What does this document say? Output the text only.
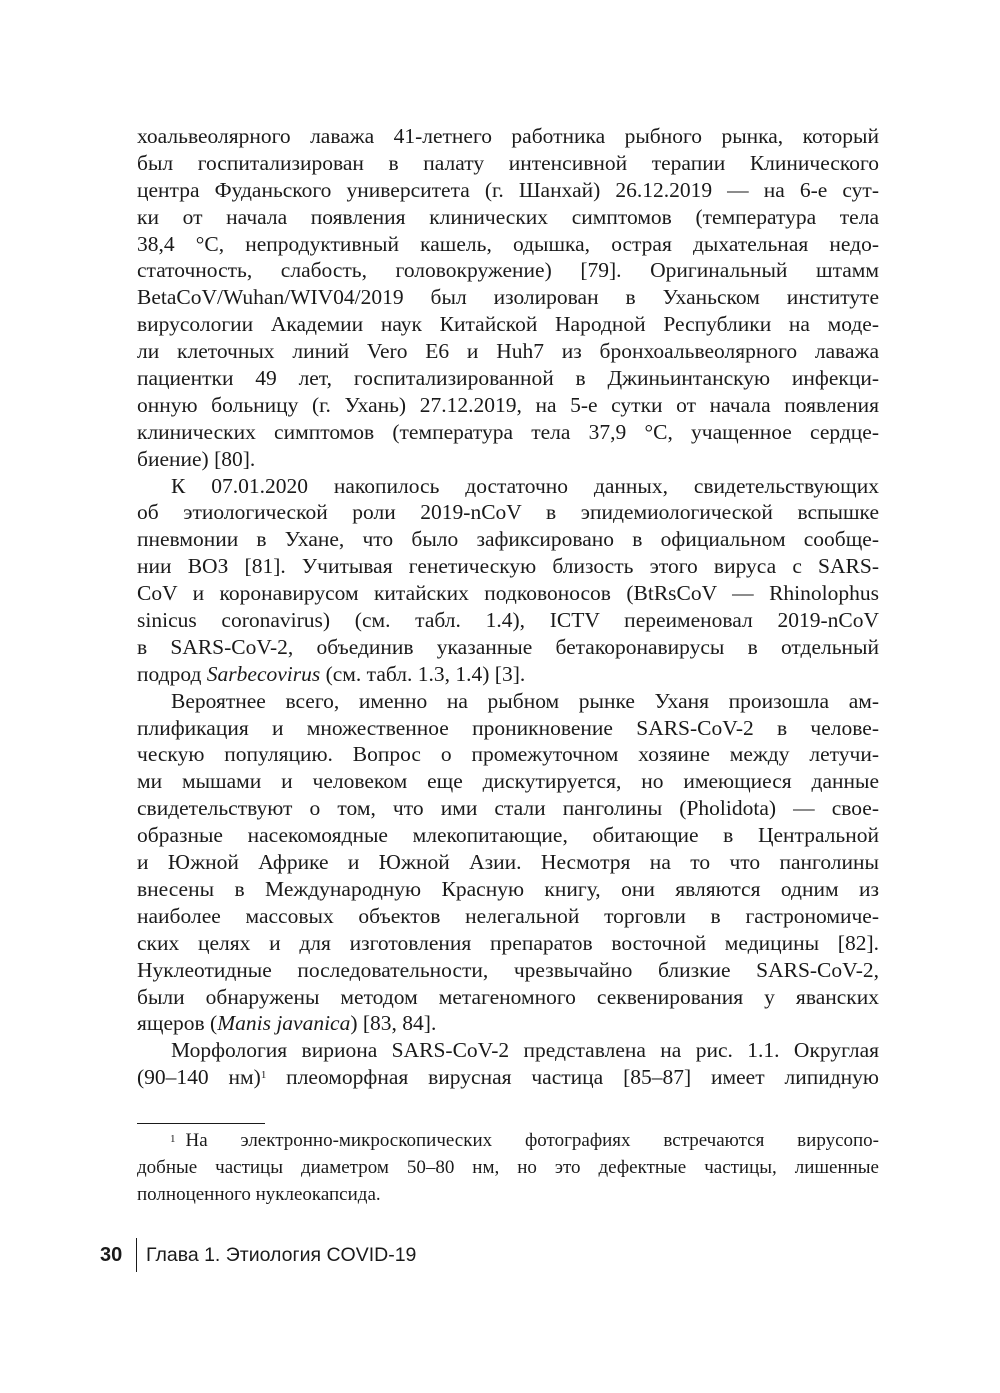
хоальвеолярного лаважа 41-летнего работника рыбного рынка, который
был госпитализирован в палату интенсивной терапии Клинического
центра Фуданьского университета (г. Шанхай) 26.12.2019 — на 6-е сут-
ки от начала появления клинических симптомов (температура тела
38,4 °С, непродуктивный кашель, одышка, острая дыхательная недо-
статочность, слабость, головокружение) [79]. Оригинальный штамм
BetaCoV/Wuhan/WIV04/2019 был изолирован в Уханьском институте
вирусологии Академии наук Китайской Народной Республики на моде-
ли клеточных линий Vero E6 и Huh7 из бронхоальвеолярного лаважа
пациентки 49 лет, госпитализированной в Джиньинтанскую инфекци-
онную больницу (г. Ухань) 27.12.2019, на 5-е сутки от начала появления
клинических симптомов (температура тела 37,9 °С, учащенное сердце-
биение) [80].
К 07.01.2020 накопилось достаточно данных, свидетельствующих
об этиологической роли 2019-nCoV в эпидемиологической вспышке
пневмонии в Ухане, что было зафиксировано в официальном сообще-
нии ВОЗ [81]. Учитывая генетическую близость этого вируса с SARS-
CoV и коронавирусом китайских подковоносов (BtRsCoV — Rhinolophus
sinicus coronavirus) (см. табл. 1.4), ICTV переименовал 2019-nCoV
в SARS-CoV-2, объединив указанные бетакоронавирусы в отдельный
подрод Sarbecovirus (см. табл. 1.3, 1.4) [3].
Вероятнее всего, именно на рыбном рынке Уханя произошла ам-
плификация и множественное проникновение SARS-CoV-2 в челове-
ческую популяцию. Вопрос о промежуточном хозяине между летучи-
ми мышами и человеком еще дискутируется, но имеющиеся данные
свидетельствуют о том, что ими стали панголины (Pholidota) — свое-
образные насекомоядные млекопитающие, обитающие в Центральной
и Южной Африке и Южной Азии. Несмотря на то что панголины
внесены в Международную Красную книгу, они являются одним из
наиболее массовых объектов нелегальной торговли в гастрономиче-
ских целях и для изготовления препаратов восточной медицины [82].
Нуклеотидные последовательности, чрезвычайно близкие SARS-CoV-2,
были обнаружены методом метагеномного секвенирования у яванских
ящеров (Manis javanica) [83, 84].
Морфология вириона SARS-CoV-2 представлена на рис. 1.1. Округлая
(90–140 нм)$^1$ плеоморфная вирусная частица [85–87] имеет липидную
$^1$ На электронно-микроскопических фотографиях встречаются вирусопо-
добные частицы диаметром 50–80 нм, но это дефектные частицы, лишенные
полноценного нуклеокапсида.
30	Глава 1. Этиология COVID-19
